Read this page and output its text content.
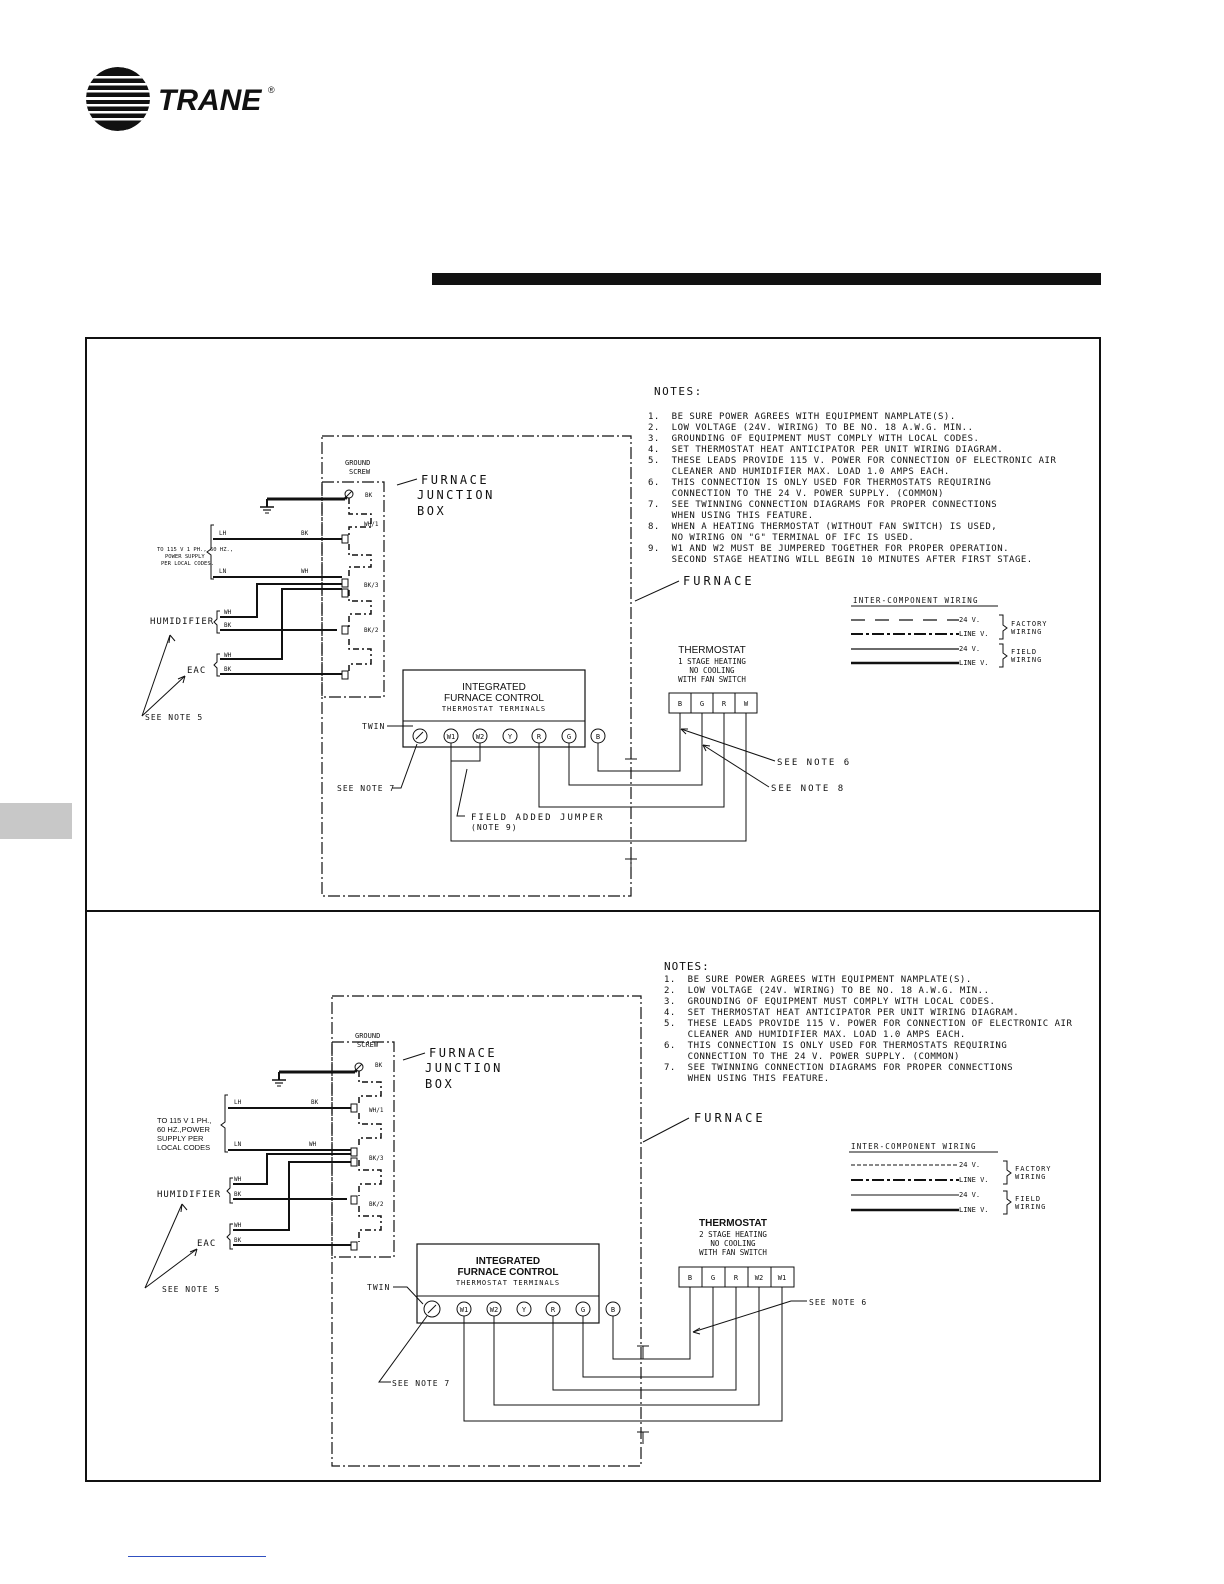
TRANE ®
NOTES:
1.  BE SURE POWER AGREES WITH EQUIPMENT NAMPLATE(S).
2.  LOW VOLTAGE (24V. WIRING) TO BE NO. 18 A.W.G. MIN..
3.  GROUNDING OF EQUIPMENT MUST COMPLY WITH LOCAL CODES.
4.  SET THERMOSTAT HEAT ANTICIPATOR PER UNIT WIRING DIAGRAM.
5.  THESE LEADS PROVIDE 115 V. POWER FOR CONNECTION OF ELECTRONIC AIR
CLEANER AND HUMIDIFIER MAX. LOAD 1.0 AMPS EACH.
6.  THIS CONNECTION IS ONLY USED FOR THERMOSTATS REQUIRING
CONNECTION TO THE 24 V. POWER SUPPLY. (COMMON)
7.  SEE TWINNING CONNECTION DIAGRAMS FOR PROPER CONNECTIONS
WHEN USING THIS FEATURE.
8.  WHEN A HEATING THERMOSTAT (WITHOUT FAN SWITCH) IS USED,
NO WIRING ON "G" TERMINAL OF IFC IS USED.
9.  W1 AND W2 MUST BE JUMPERED TOGETHER FOR PROPER OPERATION.
SECOND STAGE HEATING WILL BEGIN 10 MINUTES AFTER FIRST STAGE.
FURNACE
GROUND
SCREW
FURNACE
JUNCTION
BOX
BK
WH/1
BK/3
BK/2
LH	BK
LN	WH
WH
BK
WH
BK
TO 115 V 1 PH., 60 HZ.,
POWER SUPPLY
PER LOCAL CODES.
HUMIDIFIER
EAC
SEE NOTE 5
INTEGRATED
FURNACE CONTROL
THERMOSTAT TERMINALS
W1	W2	Y	R	G	B
TWIN
SEE NOTE 7
THERMOSTAT
1 STAGE HEATING
NO COOLING
WITH FAN SWITCH
B	G	R	W
SEE NOTE 6
SEE NOTE 8
FIELD ADDED JUMPER
(NOTE 9)
INTER-COMPONENT WIRING
24 V.
LINE V.
24 V.
LINE V.
FACTORY
WIRING
FIELD
WIRING
NOTES:
1.  BE SURE POWER AGREES WITH EQUIPMENT NAMPLATE(S).
2.  LOW VOLTAGE (24V. WIRING) TO BE NO. 18 A.W.G. MIN..
3.  GROUNDING OF EQUIPMENT MUST COMPLY WITH LOCAL CODES.
4.  SET THERMOSTAT HEAT ANTICIPATOR PER UNIT WIRING DIAGRAM.
5.  THESE LEADS PROVIDE 115 V. POWER FOR CONNECTION OF ELECTRONIC AIR
CLEANER AND HUMIDIFIER MAX. LOAD 1.0 AMPS EACH.
6.  THIS CONNECTION IS ONLY USED FOR THERMOSTATS REQUIRING
CONNECTION TO THE 24 V. POWER SUPPLY. (COMMON)
7.  SEE TWINNING CONNECTION DIAGRAMS FOR PROPER CONNECTIONS
WHEN USING THIS FEATURE.
FURNACE
GROUND
SCREW
FURNACE
JUNCTION
BOX
BK
WH/1
BK/3
BK/2
LH	BK
LN	WH
WH
BK
WH
BK
TO 115 V 1 PH.,
60 HZ.,POWER
SUPPLY PER
LOCAL CODES
HUMIDIFIER
EAC
SEE NOTE 5
INTEGRATED
FURNACE CONTROL
THERMOSTAT TERMINALS
W1	W2	Y	R	G	B
TWIN
SEE NOTE 7
THERMOSTAT
2 STAGE HEATING
NO COOLING
WITH FAN SWITCH
B	G	R W2 W1
SEE NOTE 6
INTER-COMPONENT WIRING
24 V.
LINE V.
24 V.
LINE V.
FACTORY
WIRING
FIELD
WIRING
